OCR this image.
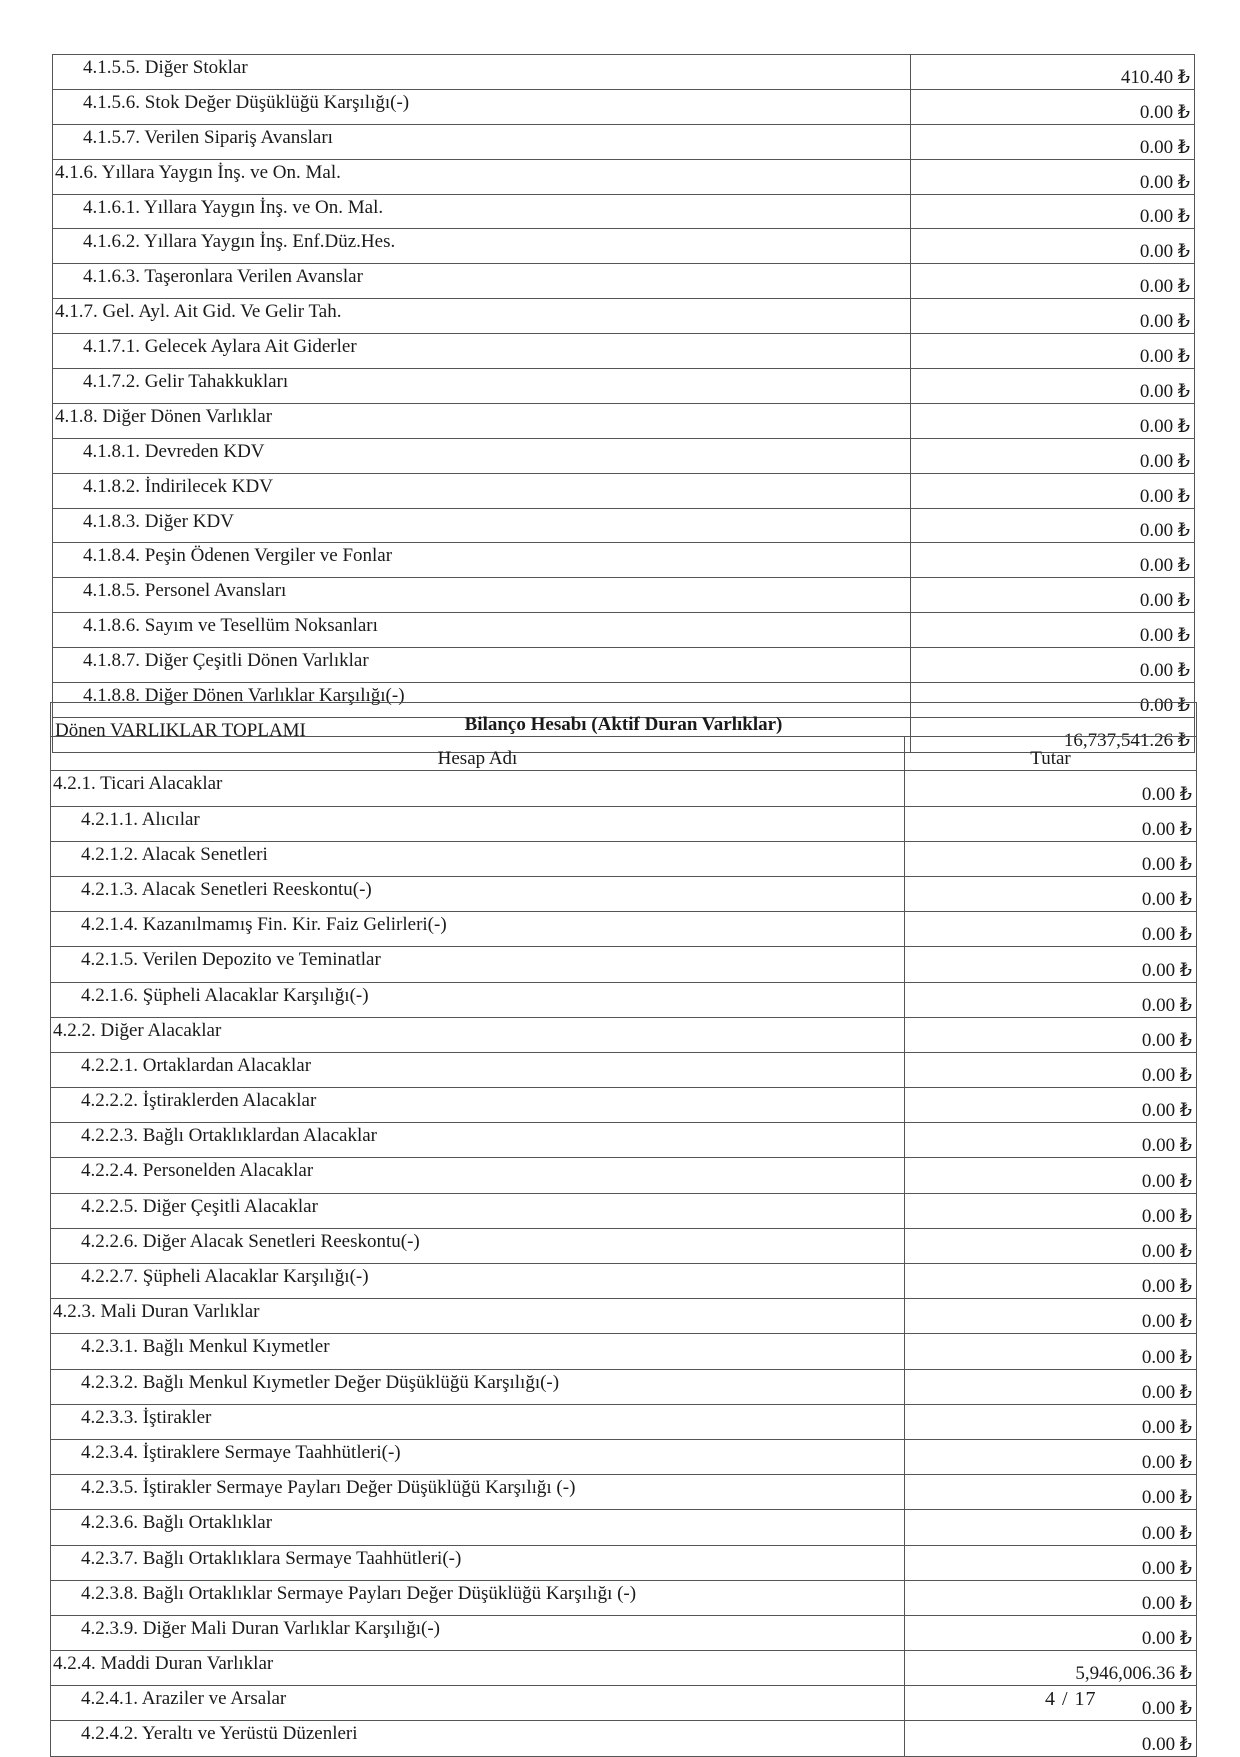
4.1.5.5. Diğer Stoklar	410.40 ₺
4.1.5.6. Stok Değer Düşüklüğü Karşılığı(-)	0.00 ₺
4.1.5.7. Verilen Sipariş Avansları	0.00 ₺
4.1.6. Yıllara Yaygın İnş. ve On. Mal.	0.00 ₺
4.1.6.1. Yıllara Yaygın İnş. ve On. Mal.	0.00 ₺
4.1.6.2. Yıllara Yaygın İnş. Enf.Düz.Hes.	0.00 ₺
4.1.6.3. Taşeronlara Verilen Avanslar	0.00 ₺
4.1.7. Gel. Ayl. Ait Gid. Ve Gelir Tah.	0.00 ₺
4.1.7.1. Gelecek Aylara Ait Giderler	0.00 ₺
4.1.7.2. Gelir Tahakkukları	0.00 ₺
4.1.8. Diğer Dönen Varlıklar	0.00 ₺
4.1.8.1. Devreden KDV	0.00 ₺
4.1.8.2. İndirilecek KDV	0.00 ₺
4.1.8.3. Diğer KDV	0.00 ₺
4.1.8.4. Peşin Ödenen Vergiler ve Fonlar	0.00 ₺
4.1.8.5. Personel Avansları	0.00 ₺
4.1.8.6. Sayım ve Tesellüm Noksanları	0.00 ₺
4.1.8.7. Diğer Çeşitli Dönen Varlıklar	0.00 ₺
4.1.8.8. Diğer Dönen Varlıklar Karşılığı(-)	0.00 ₺
Dönen VARLIKLAR TOPLAMI	16,737,541.26 ₺
Bilanço Hesabı (Aktif Duran Varlıklar)	
Hesap Adı	Tutar
4.2.1. Ticari Alacaklar	0.00 ₺
4.2.1.1. Alıcılar	0.00 ₺
4.2.1.2. Alacak Senetleri	0.00 ₺
4.2.1.3. Alacak Senetleri Reeskontu(-)	0.00 ₺
4.2.1.4. Kazanılmamış Fin. Kir. Faiz Gelirleri(-)	0.00 ₺
4.2.1.5. Verilen Depozito ve Teminatlar	0.00 ₺
4.2.1.6. Şüpheli Alacaklar Karşılığı(-)	0.00 ₺
4.2.2. Diğer Alacaklar	0.00 ₺
4.2.2.1. Ortaklardan Alacaklar	0.00 ₺
4.2.2.2. İştiraklerden Alacaklar	0.00 ₺
4.2.2.3. Bağlı Ortaklıklardan Alacaklar	0.00 ₺
4.2.2.4. Personelden Alacaklar	0.00 ₺
4.2.2.5. Diğer Çeşitli Alacaklar	0.00 ₺
4.2.2.6. Diğer Alacak Senetleri Reeskontu(-)	0.00 ₺
4.2.2.7. Şüpheli Alacaklar Karşılığı(-)	0.00 ₺
4.2.3. Mali Duran Varlıklar	0.00 ₺
4.2.3.1. Bağlı Menkul Kıymetler	0.00 ₺
4.2.3.2. Bağlı Menkul Kıymetler Değer Düşüklüğü Karşılığı(-)	0.00 ₺
4.2.3.3. İştirakler	0.00 ₺
4.2.3.4. İştiraklere Sermaye Taahhütleri(-)	0.00 ₺
4.2.3.5. İştirakler Sermaye Payları Değer Düşüklüğü Karşılığı (-)	0.00 ₺
4.2.3.6. Bağlı Ortaklıklar	0.00 ₺
4.2.3.7. Bağlı Ortaklıklara Sermaye Taahhütleri(-)	0.00 ₺
4.2.3.8. Bağlı Ortaklıklar Sermaye Payları Değer Düşüklüğü Karşılığı (-)	0.00 ₺
4.2.3.9. Diğer Mali Duran Varlıklar Karşılığı(-)	0.00 ₺
4.2.4. Maddi Duran Varlıklar	5,946,006.36 ₺
4.2.4.1. Araziler ve Arsalar	0.00 ₺
4.2.4.2. Yeraltı ve Yerüstü Düzenleri	0.00 ₺
4 / 17
